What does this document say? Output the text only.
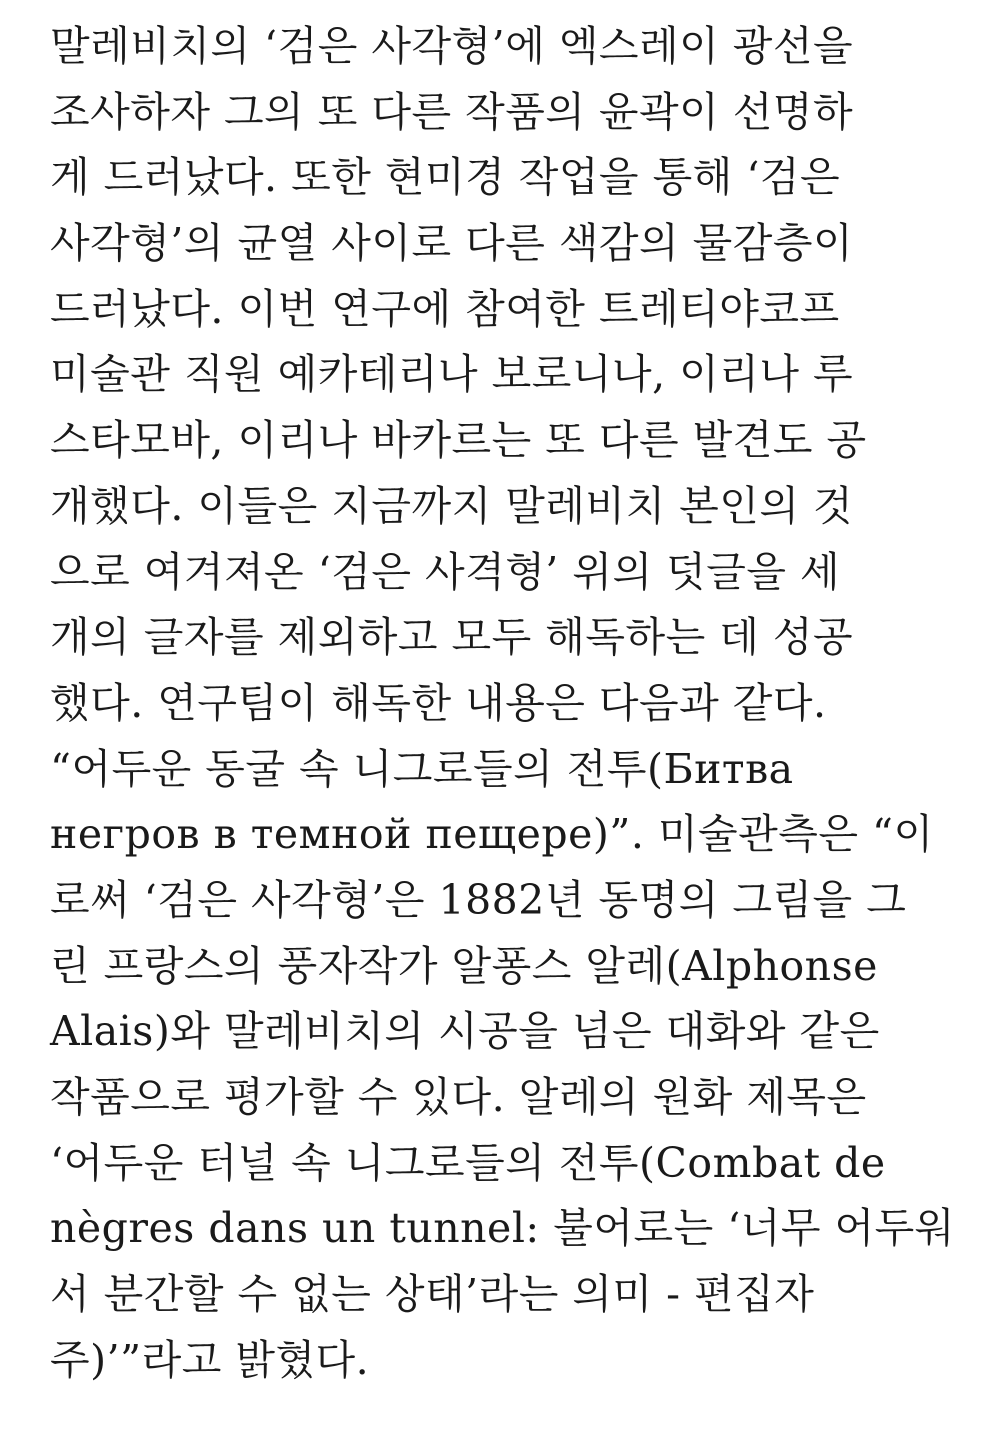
말레비치의 ‘검은 사각형’에 엑스레이 광선을
조사하자 그의 또 다른 작품의 윤곽이 선명하
게 드러났다. 또한 현미경 작업을 통해 ‘검은
사각형’의 균열 사이로 다른 색감의 물감층이
드러났다. 이번 연구에 참여한 트레티야코프
미술관 직원 예카테리나 보로니나, 이리나 루
스타모바, 이리나 바카르는 또 다른 발견도 공
개했다. 이들은 지금까지 말레비치 본인의 것
으로 여겨져온 ‘검은 사격형’ 위의 덧글을 세
개의 글자를 제외하고 모두 해독하는 데 성공
했다. 연구팀이 해독한 내용은 다음과 같다.
“어두운 동굴 속 니그로들의 전투(Битва
негров в темной пещере)”. 미술관측은 “이
로써 ‘검은 사각형’은 1882년 동명의 그림을 그
린 프랑스의 풍자작가 알퐁스 알레(Alphonse
Alais)와 말레비치의 시공을 넘은 대화와 같은
작품으로 평가할 수 있다. 알레의 원화 제목은
‘어두운 터널 속 니그로들의 전투(Combat de
nègres dans un tunnel: 불어로는 ‘너무 어두워
서 분간할 수 없는 상태’라는 의미 - 편집자
주)’”라고 밝혔다.
